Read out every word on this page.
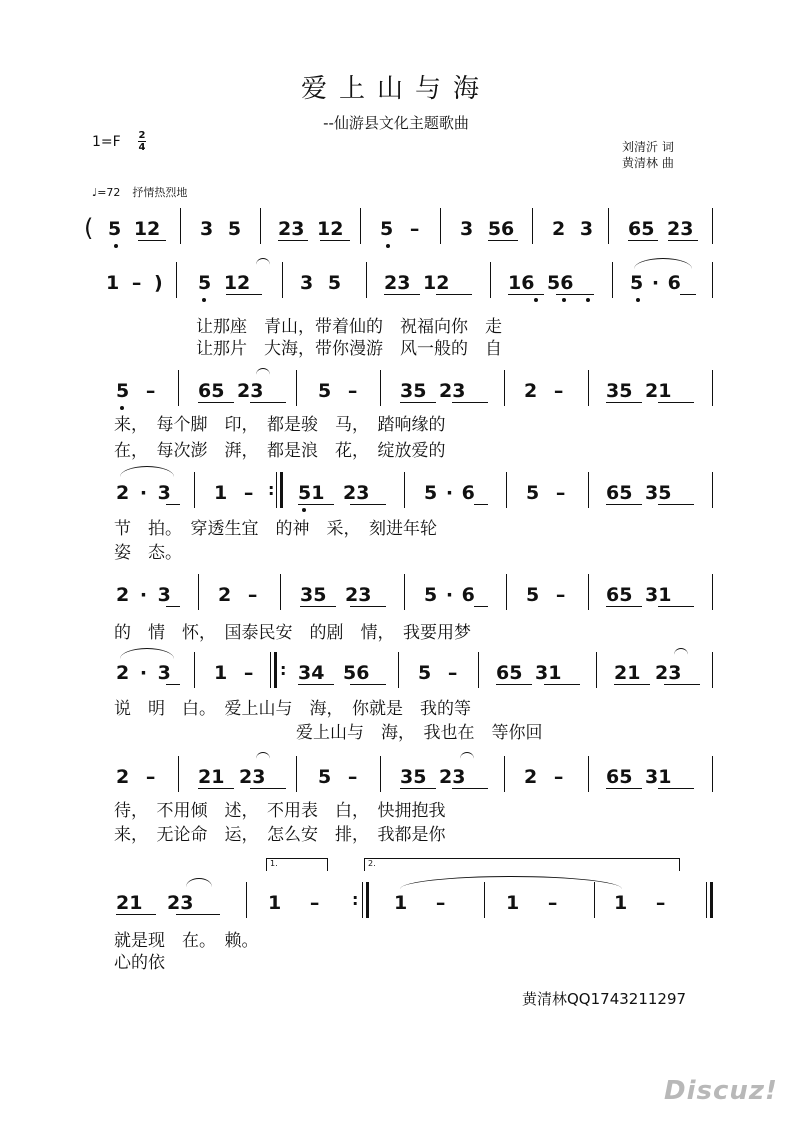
爱上山与海
--仙游县文化主题歌曲
1=F 2
4	刘清沂 词
黄清林 曲
♩=72 抒情热烈地
( 5 12 3 5 23 12 5 – 3 56 2 3 65 23
1 – ) 5 12	3 5 23 12	16 56	5 · 6
让那座　青山，带着仙的　祝福向你　走
让那片　大海，带你漫游　风一般的　自
5 – 65 23	5 – 35 23	2 – 35 21
来，　每个脚　印，　都是骏　马，　踏响缘的
在，　每次澎　湃，　都是浪　花，　绽放爱的
2 · 3 1 – : 51 23	5 · 6	5 – 65 35
节　拍。　穿透生宜　的神　采，　刻进年轮
姿　态。
2 · 3 2 – 35 23	5 · 6	5 – 65 31
的　情　怀，　国泰民安　的剧　情，　我要用梦
2 · 3 1 – : 34 56	5 – 65 31	21 23
说　明　白。　爱上山与　海，　你就是　我的等
爱上山与　海，　我也在　等你回
2 – 21 23	5 – 35 23	2 – 65 31
待，　不用倾　述，　不用表　白，　快拥抱我
来，　无论命　运，　怎么安　排，　我都是你
1.	2.
21 23	1 – : 1 –	1 –	1 –
就是现　在。　赖。
心的依
黄清林QQ1743211297
Discuz!
